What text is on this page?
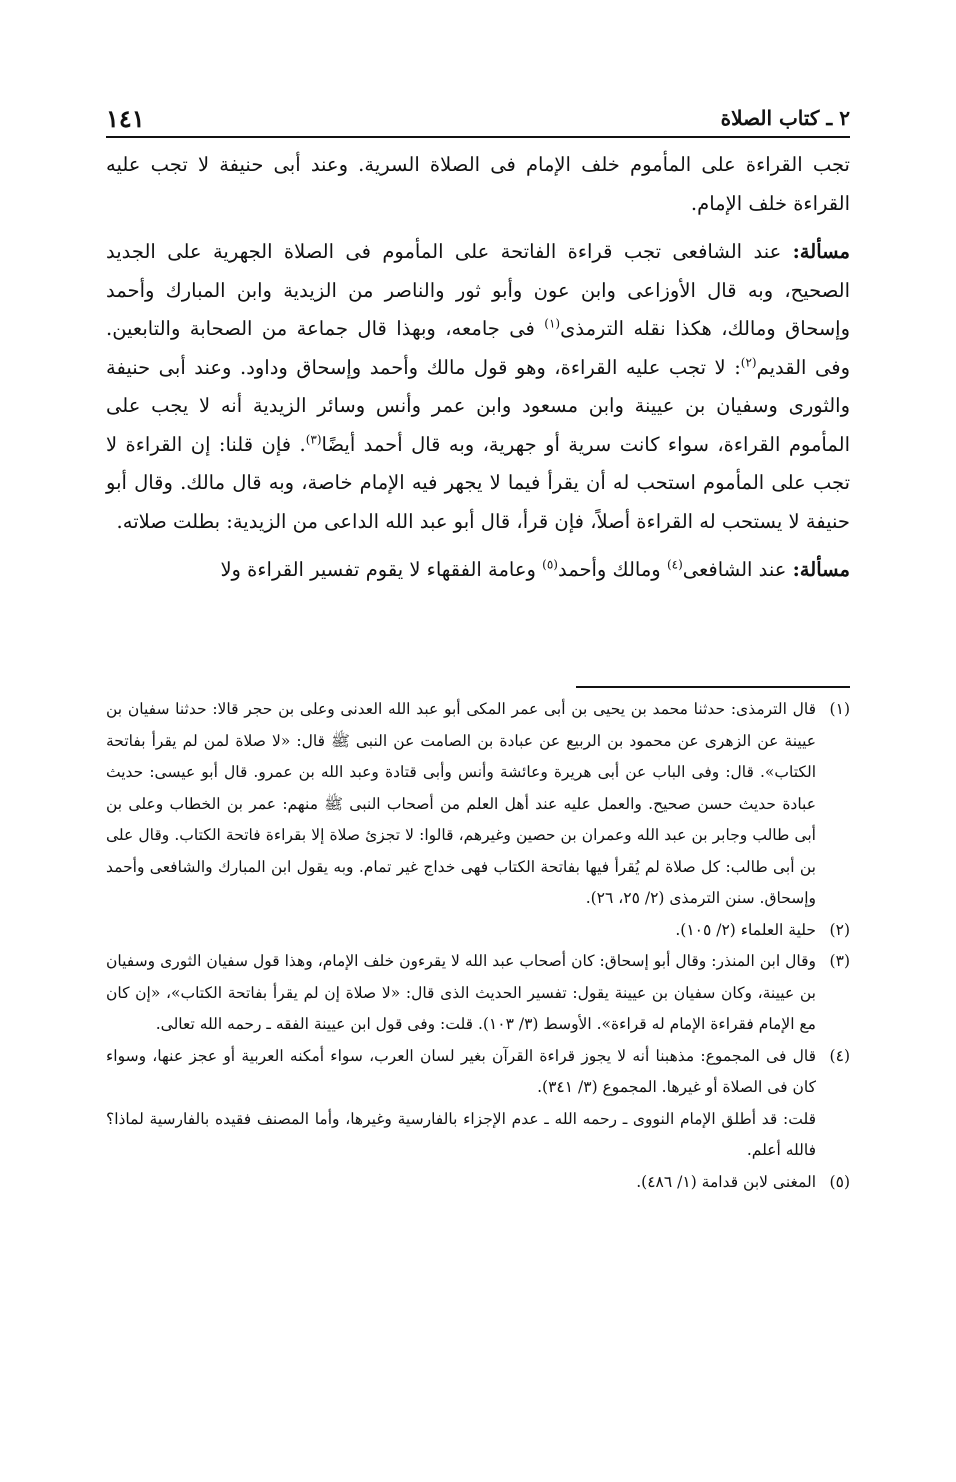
١٤١	٢ ـ كتاب الصلاة

تجب القراءة على المأموم خلف الإمام فى الصلاة السرية. وعند أبى حنيفة لا تجب عليه القراءة خلف الإمام.

مسألة: عند الشافعى تجب قراءة الفاتحة على المأموم فى الصلاة الجهرية على الجديد الصحيح، وبه قال الأوزاعى وابن عون وأبو ثور والناصر من الزيدية وابن المبارك وأحمد وإسحاق ومالك، هكذا نقله الترمذى$^{(١)}$ فى جامعه، وبهذا قال جماعة من الصحابة والتابعين. وفى القديم$^{(٢)}$: لا تجب عليه القراءة، وهو قول مالك وأحمد وإسحاق وداود. وعند أبى حنيفة والثورى وسفيان بن عيينة وابن مسعود وابن عمر وأنس وسائر الزيدية أنه لا يجب على المأموم القراءة، سواء كانت سرية أو جهرية، وبه قال أحمد أيضًا$^{(٣)}$. فإن قلنا: إن القراءة لا تجب على المأموم استحب له أن يقرأ فيما لا يجهر فيه الإمام خاصة، وبه قال مالك. وقال أبو حنيفة لا يستحب له القراءة أصلاً، فإن قرأ، قال أبو عبد الله الداعى من الزيدية: بطلت صلاته.

مسألة: عند الشافعى$^{(٤)}$ ومالك وأحمد$^{(٥)}$ وعامة الفقهاء لا يقوم تفسير القراءة ولا

(١)
قال الترمذى: حدثنا محمد بن يحيى بن أبى عمر المكى أبو عبد الله العدنى وعلى بن حجر قالا: حدثنا سفيان بن عيينة عن الزهرى عن محمود بن الربيع عن عبادة بن الصامت عن النبى ﷺ قال: «لا صلاة لمن لم يقرأ بفاتحة الكتاب». قال: وفى الباب عن أبى هريرة وعائشة وأنس وأبى قتادة وعبد الله بن عمرو. قال أبو عيسى: حديث عبادة حديث حسن صحيح. والعمل عليه عند أهل العلم من أصحاب النبى ﷺ منهم: عمر بن الخطاب وعلى بن أبى طالب وجابر بن عبد الله وعمران بن حصين وغيرهم، قالوا: لا تجزئ صلاة إلا بقراءة فاتحة الكتاب. وقال على بن أبى طالب: كل صلاة لم يُقرأ فيها بفاتحة الكتاب فهى خداج غير تمام. وبه يقول ابن المبارك والشافعى وأحمد وإسحاق. سنن الترمذى (٢/ ٢٥، ٢٦).
(٢)
حلية العلماء (٢/ ١٠٥).
(٣)
وقال ابن المنذر: وقال أبو إسحاق: كان أصحاب عبد الله لا يقرءون خلف الإمام، وهذا قول سفيان الثورى وسفيان بن عيينة، وكان سفيان بن عيينة يقول: تفسير الحديث الذى قال: «لا صلاة إن لم يقرأ بفاتحة الكتاب»، «إن كان مع الإمام فقراءة الإمام له قراءة». الأوسط (٣/ ١٠٣). قلت: وفى قول ابن عيينة الفقه ـ رحمه الله تعالى.
(٤)
قال فى المجموع: مذهبنا أنه لا يجوز قراءة القرآن بغير لسان العرب، سواء أمكنه العربية أو عجز عنها، وسواء كان فى الصلاة أو غيرها. المجموع (٣/ ٣٤١).
قلت: قد أطلق الإمام النووى ـ رحمه الله ـ عدم الإجزاء بالفارسية وغيرها، وأما المصنف فقيده بالفارسية لماذا؟ فالله أعلم.
(٥)
المغنى لابن قدامة (١/ ٤٨٦).
